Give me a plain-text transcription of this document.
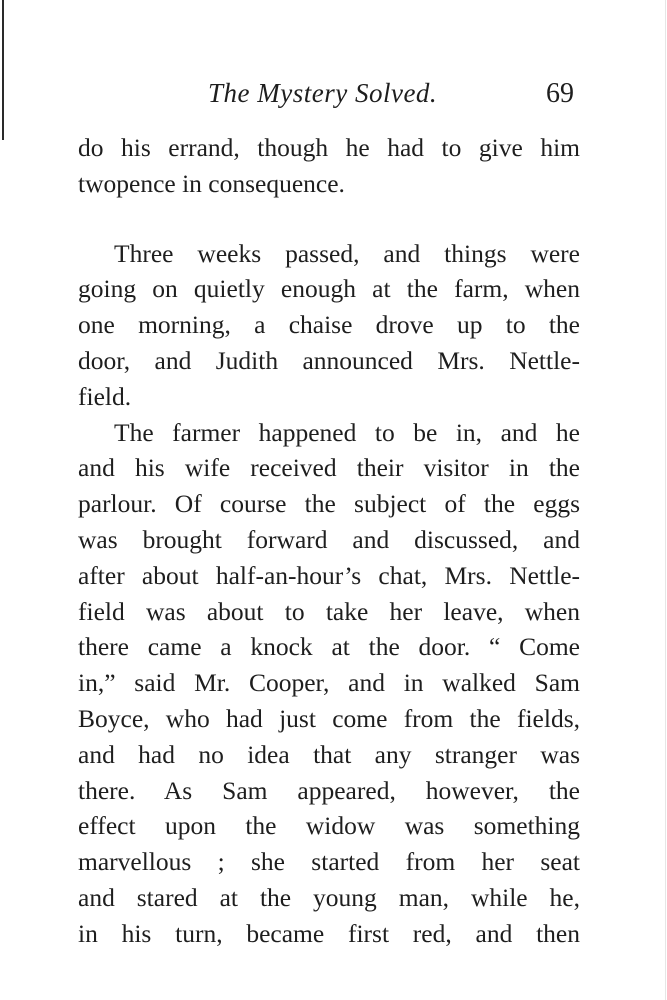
The Mystery Solved.	69

do his errand, though he had to give him
twopence in consequence.

Three weeks passed, and things were
going on quietly enough at the farm, when
one morning, a chaise drove up to the
door, and Judith announced Mrs. Nettle-
field.

The farmer happened to be in, and he
and his wife received their visitor in the
parlour. Of course the subject of the eggs
was brought forward and discussed, and
after about half-an-hour’s chat, Mrs. Nettle-
field was about to take her leave, when
there came a knock at the door. “ Come
in,” said Mr. Cooper, and in walked Sam
Boyce, who had just come from the fields,
and had no idea that any stranger was
there. As Sam appeared, however, the
effect upon the widow was something
marvellous ; she started from her seat
and stared at the young man, while he,
in his turn, became first red, and then
